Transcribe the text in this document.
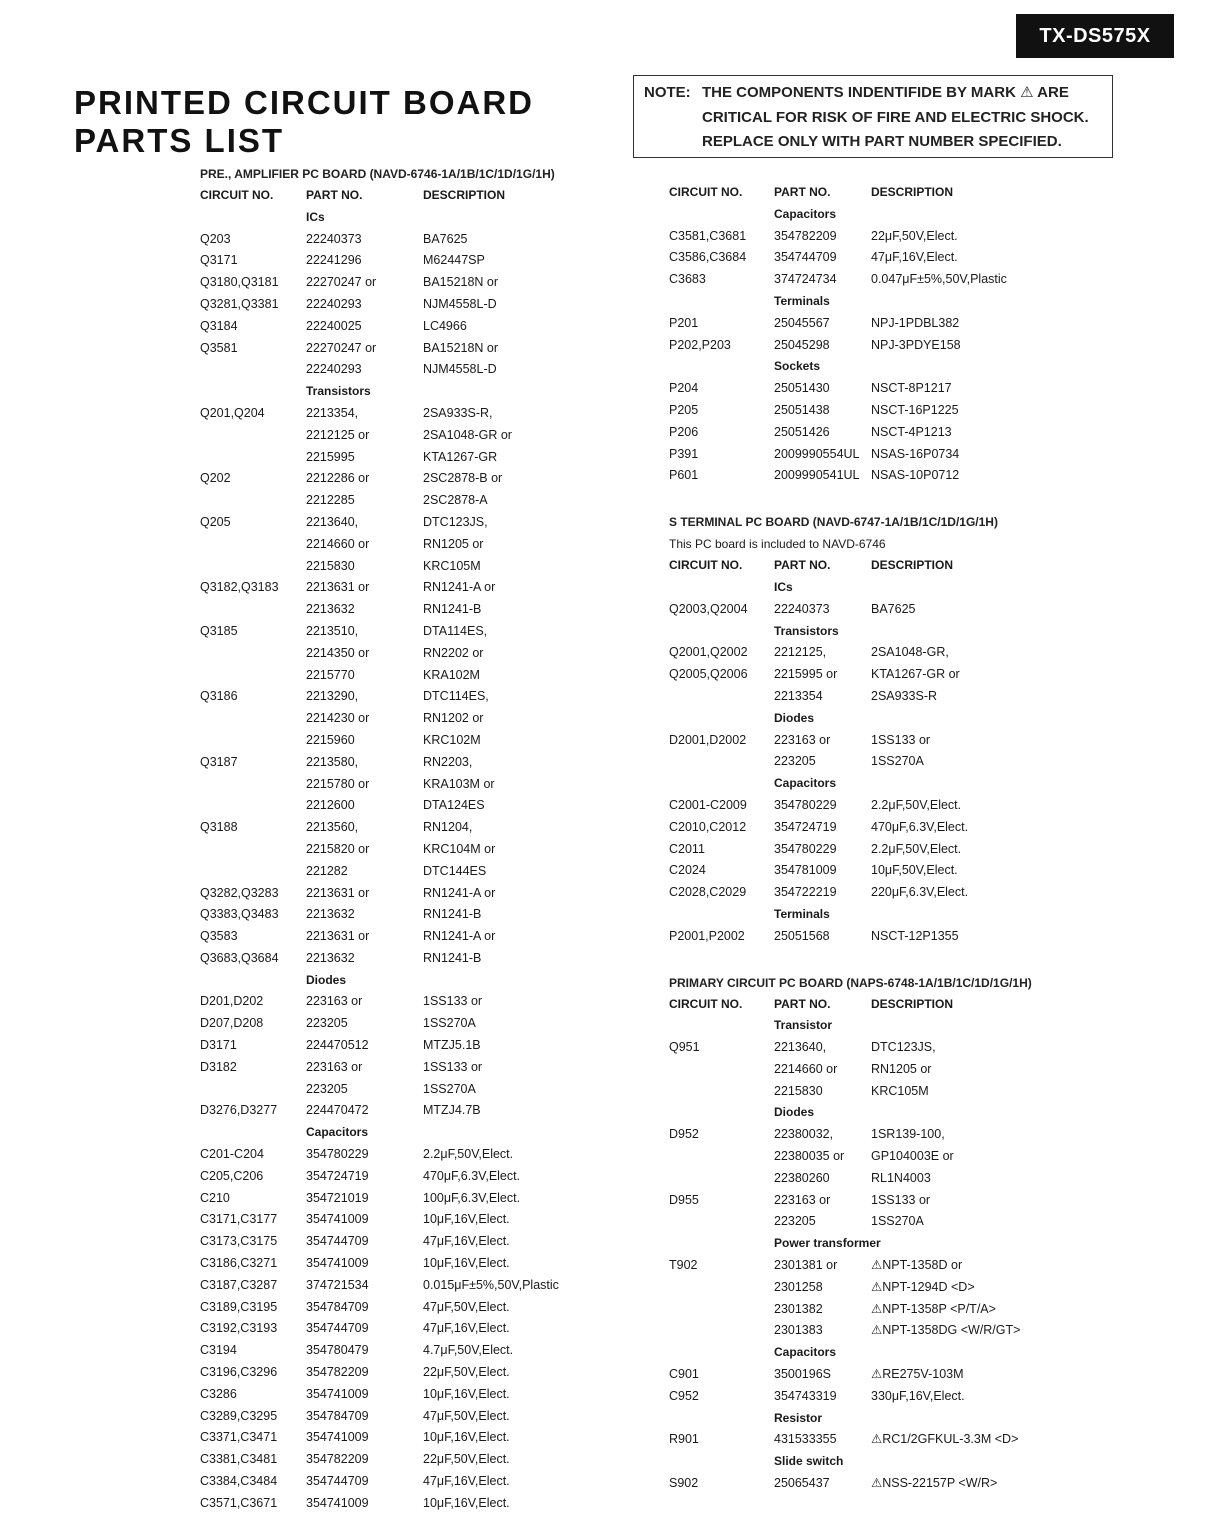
TX-DS575X
PRINTED CIRCUIT BOARD
PARTS LIST
NOTE: THE COMPONENTS INDENTIFIDE BY MARK ⚠ ARE
CRITICAL FOR RISK OF FIRE AND ELECTRIC SHOCK.
REPLACE ONLY WITH PART NUMBER SPECIFIED.
PRE., AMPLIFIER PC BOARD (NAVD-6746-1A/1B/1C/1D/1G/1H)
CIRCUIT NO.	PART NO.	DESCRIPTION
ICs
Q203	22240373	BA7625
Q3171	22241296	M62447SP
Q3180,Q3181	22270247 or	BA15218N or
Q3281,Q3381	22240293	NJM4558L-D
Q3184	22240025	LC4966
Q3581	22270247 or	BA15218N or
22240293	NJM4558L-D
Transistors
Q201,Q204	2213354,	2SA933S-R,
2212125 or	2SA1048-GR or
2215995	KTA1267-GR
Q202	2212286 or	2SC2878-B or
2212285	2SC2878-A
Q205	2213640,	DTC123JS,
2214660 or	RN1205 or
2215830	KRC105M
Q3182,Q3183	2213631 or	RN1241-A or
2213632	RN1241-B
Q3185	2213510,	DTA114ES,
2214350 or	RN2202 or
2215770	KRA102M
Q3186	2213290,	DTC114ES,
2214230 or	RN1202 or
2215960	KRC102M
Q3187	2213580,	RN2203,
2215780 or	KRA103M or
2212600	DTA124ES
Q3188	2213560,	RN1204,
2215820 or	KRC104M or
221282	DTC144ES
Q3282,Q3283	2213631 or	RN1241-A or
Q3383,Q3483	2213632	RN1241-B
Q3583	2213631 or	RN1241-A or
Q3683,Q3684	2213632	RN1241-B
Diodes
D201,D202	223163 or	1SS133 or
D207,D208	223205	1SS270A
D3171	224470512	MTZJ5.1B
D3182	223163 or	1SS133 or
223205	1SS270A
D3276,D3277	224470472	MTZJ4.7B
Capacitors
C201-C204	354780229	2.2μF,50V,Elect.
C205,C206	354724719	470μF,6.3V,Elect.
C210	354721019	100μF,6.3V,Elect.
C3171,C3177	354741009	10μF,16V,Elect.
C3173,C3175	354744709	47μF,16V,Elect.
C3186,C3271	354741009	10μF,16V,Elect.
C3187,C3287	374721534	0.015μF±5%,50V,Plastic
C3189,C3195	354784709	47μF,50V,Elect.
C3192,C3193	354744709	47μF,16V,Elect.
C3194	354780479	4.7μF,50V,Elect.
C3196,C3296	354782209	22μF,50V,Elect.
C3286	354741009	10μF,16V,Elect.
C3289,C3295	354784709	47μF,50V,Elect.
C3371,C3471	354741009	10μF,16V,Elect.
C3381,C3481	354782209	22μF,50V,Elect.
C3384,C3484	354744709	47μF,16V,Elect.
C3571,C3671	354741009	10μF,16V,Elect.
CIRCUIT NO.	PART NO.	DESCRIPTION
Capacitors
C3581,C3681	354782209	22μF,50V,Elect.
C3586,C3684	354744709	47μF,16V,Elect.
C3683	374724734	0.047μF±5%,50V,Plastic
Terminals
P201	25045567	NPJ-1PDBL382
P202,P203	25045298	NPJ-3PDYE158
Sockets
P204	25051430	NSCT-8P1217
P205	25051438	NSCT-16P1225
P206	25051426	NSCT-4P1213
P391	2009990554UL NSAS-16P0734
P601	2009990541UL NSAS-10P0712
S TERMINAL PC BOARD (NAVD-6747-1A/1B/1C/1D/1G/1H)
This PC board is included to NAVD-6746
CIRCUIT NO.	PART NO.	DESCRIPTION
ICs
Q2003,Q2004	22240373	BA7625
Transistors
Q2001,Q2002	2212125,	2SA1048-GR,
Q2005,Q2006	2215995 or	KTA1267-GR or
2213354	2SA933S-R
Diodes
D2001,D2002	223163 or	1SS133 or
223205	1SS270A
Capacitors
C2001-C2009	354780229	2.2μF,50V,Elect.
C2010,C2012	354724719	470μF,6.3V,Elect.
C2011	354780229	2.2μF,50V,Elect.
C2024	354781009	10μF,50V,Elect.
C2028,C2029	354722219	220μF,6.3V,Elect.
Terminals
P2001,P2002	25051568	NSCT-12P1355
PRIMARY CIRCUIT PC BOARD (NAPS-6748-1A/1B/1C/1D/1G/1H)
CIRCUIT NO.	PART NO.	DESCRIPTION
Transistor
Q951	2213640,	DTC123JS,
2214660 or	RN1205 or
2215830	KRC105M
Diodes
D952	22380032,	1SR139-100,
22380035 or	GP104003E or
22380260	RL1N4003
D955	223163 or	1SS133 or
223205	1SS270A
Power transformer
T902	2301381 or	⚠NPT-1358D or
2301258	⚠NPT-1294D <D>
2301382	⚠NPT-1358P <P/T/A>
2301383	⚠NPT-1358DG <W/R/GT>
Capacitors
C901	3500196S	⚠RE275V-103M
C952	354743319	330μF,16V,Elect.
Resistor
R901	431533355	⚠RC1/2GFKUL-3.3M <D>
Slide switch
S902	25065437	⚠NSS-22157P <W/R>
